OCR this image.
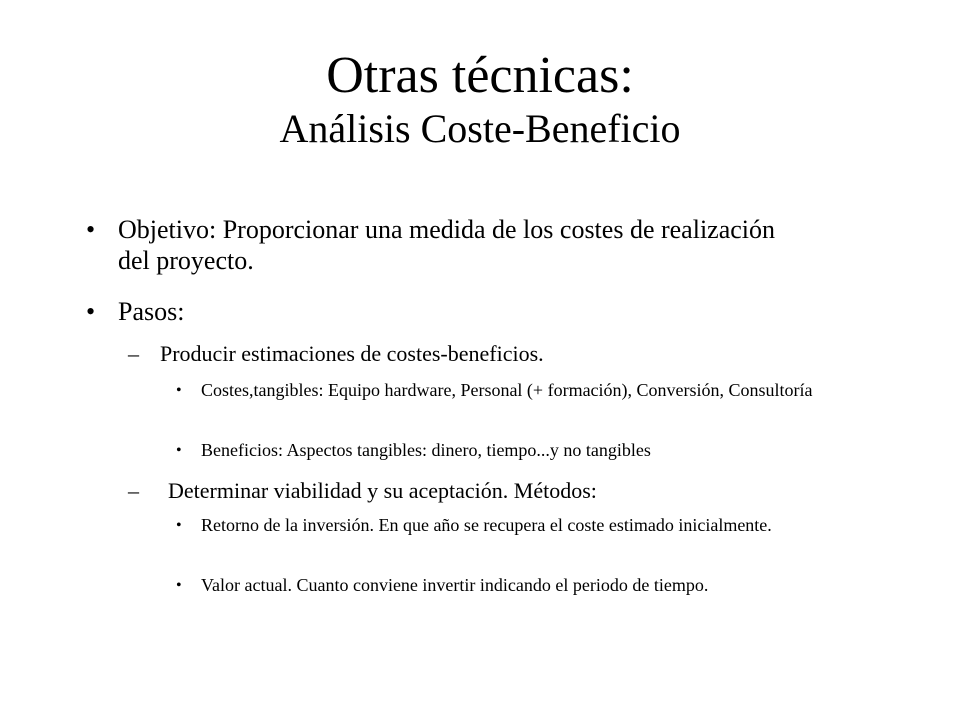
Otras técnicas:
Análisis Coste-Beneficio
• Objetivo: Proporcionar una medida de los costes de realización del proyecto.
• Pasos:
– Producir estimaciones de costes-beneficios.
• Costes,tangibles: Equipo hardware, Personal (+ formación), Conversión, Consultoría
• Beneficios: Aspectos tangibles: dinero, tiempo...y no tangibles
– Determinar viabilidad y su aceptación. Métodos:
• Retorno de la inversión. En que año se recupera el coste estimado inicialmente.
• Valor actual. Cuanto conviene invertir indicando el periodo de tiempo.
